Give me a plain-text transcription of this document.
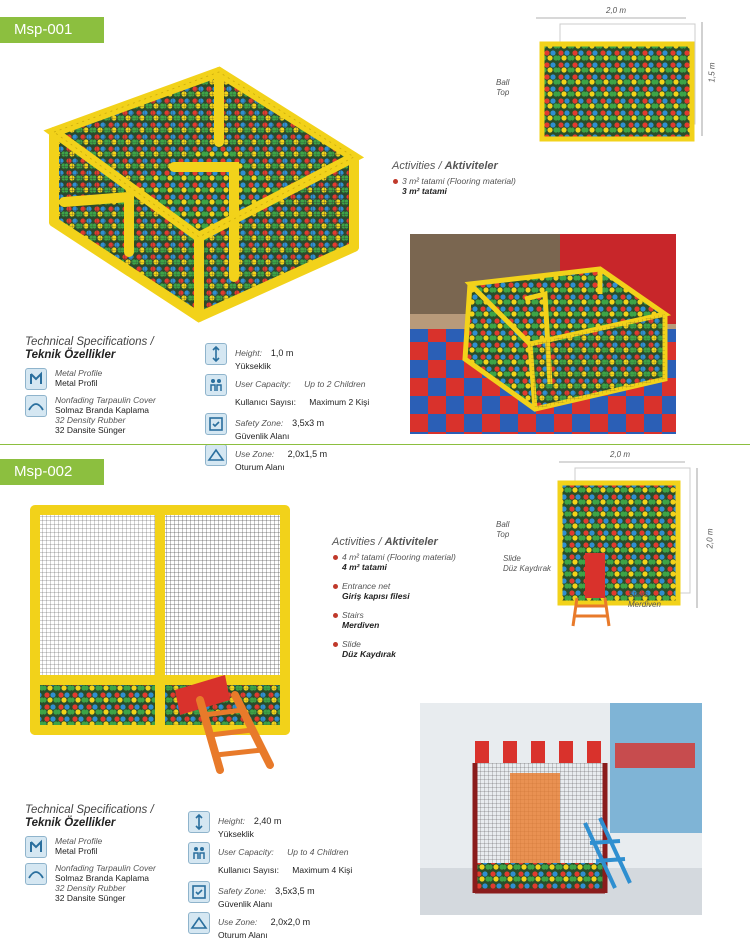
Msp-001
2,0 m
1,5 m
Ball
Top
Activities / Aktiviteler
3 m² tatami (Flooring material)
3 m² tatami
Technical Specifications /
Teknik Özellikler
Metal Profile
Metal Profil
Nonfading Tarpaulin Cover
Solmaz Branda Kaplama
32 Density Rubber
32 Dansite Sünger
Height: 1,0 m
Yükseklik
User Capacity: Up to 2 Children
Kullanıcı Sayısı: Maximum 2 Kişi
Safety Zone: 3,5x3 m
Güvenlik Alanı
Use Zone: 2,0x1,5 m
Oturum Alanı
Msp-002
2,0 m
2,0 m
Ball
Top
Slide
Düz Kaydırak
Stairs
Merdiven
Activities / Aktiviteler
4 m² tatami (Flooring material)
4 m² tatami
Entrance net
Giriş kapısı filesi
Stairs
Merdiven
Slide
Düz Kaydırak
Technical Specifications /
Teknik Özellikler
Metal Profile
Metal Profil
Nonfading Tarpaulin Cover
Solmaz Branda Kaplama
32 Density Rubber
32 Dansite Sünger
Height: 2,40 m
Yükseklik
User Capacity: Up to 4 Children
Kullanıcı Sayısı: Maximum 4 Kişi
Safety Zone: 3,5x3,5 m
Güvenlik Alanı
Use Zone: 2,0x2,0 m
Oturum Alanı
